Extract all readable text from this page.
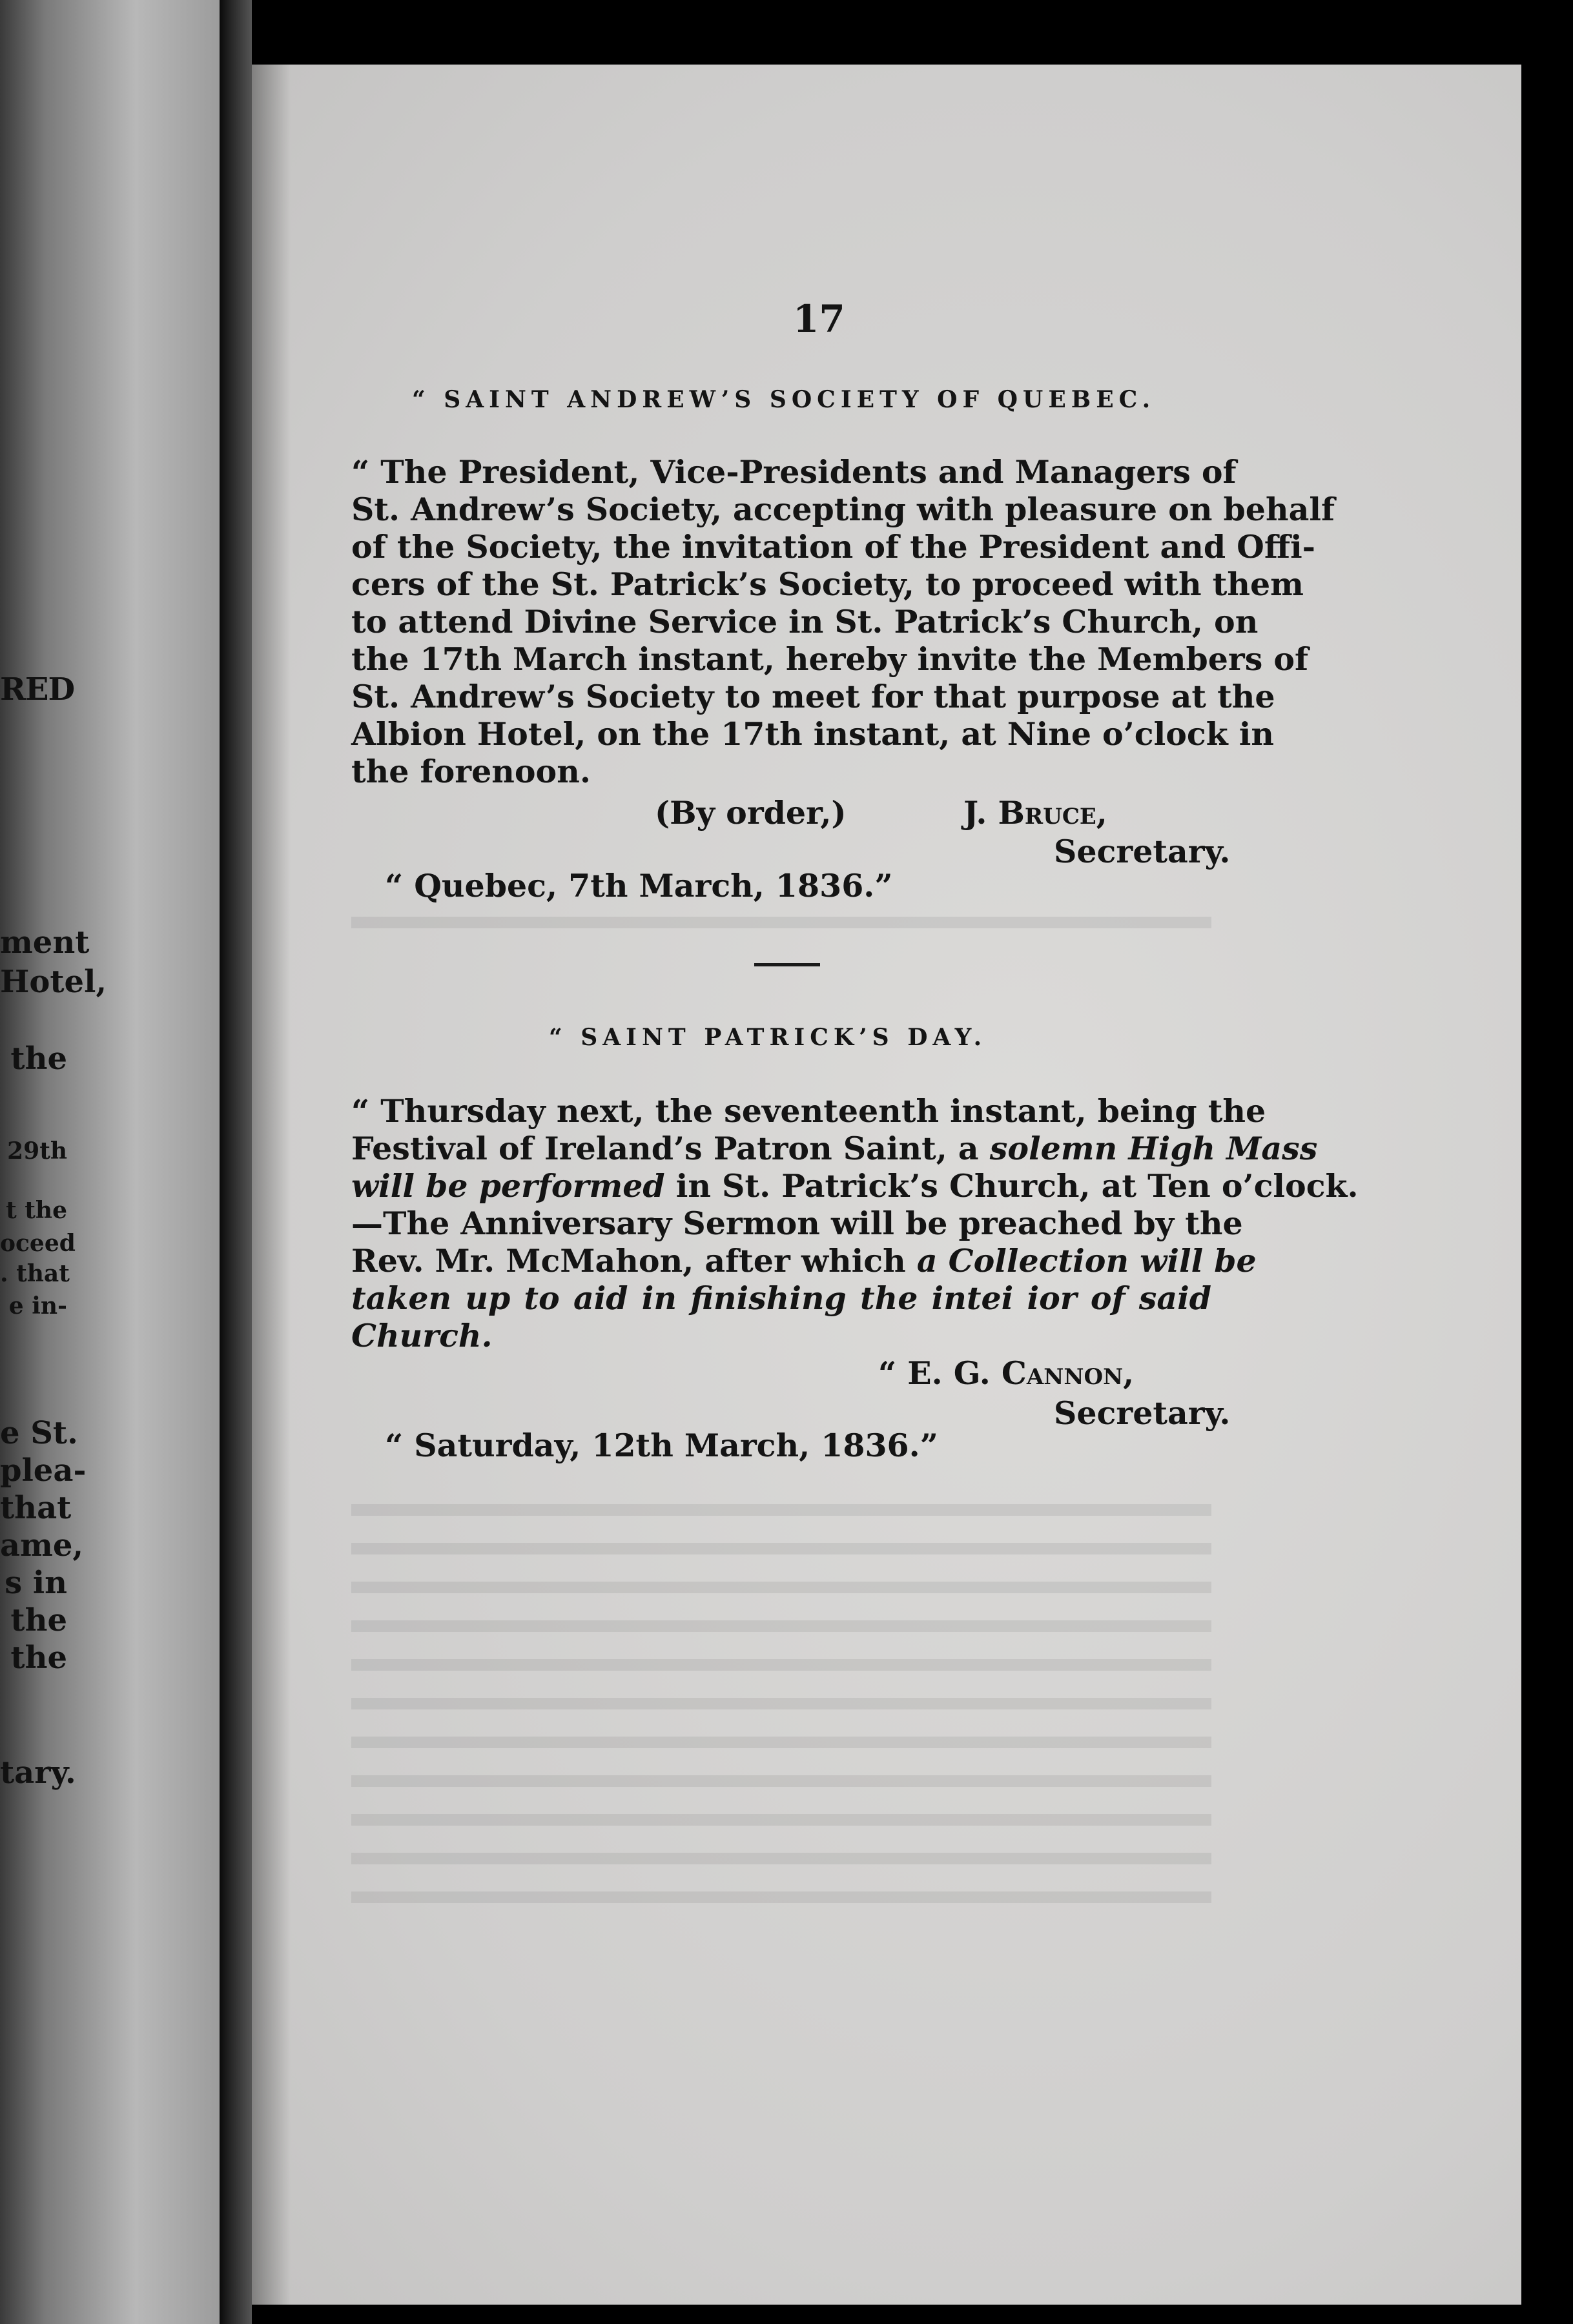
RED
ment
Hotel,
the
29th
t the
oceed
. that
e in-
e St.
plea-
that
ame,
s in
the
the
tary.
17
“ SAINT ANDREW’S SOCIETY OF QUEBEC.
“ The President, Vice-Presidents and Managers of
St. Andrew’s Society, accepting with pleasure on behalf
of the Society, the invitation of the President and Offi-
cers of the St. Patrick’s Society, to proceed with them
to attend Divine Service in St. Patrick’s Church, on
the 17th March instant, hereby invite the Members of
St. Andrew’s Society to meet for that purpose at the
Albion Hotel, on the 17th instant, at Nine o’clock in
the forenoon.
(By order,)	J. Bruce,
Secretary.
“ Quebec, 7th March, 1836.”
“ SAINT PATRICK’S DAY.
“ Thursday next, the seventeenth instant, being the
Festival of Ireland’s Patron Saint, a solemn High Mass
will be performed in St. Patrick’s Church, at Ten o’clock.
—The Anniversary Sermon will be preached by the
Rev. Mr. McMahon, after which a Collection will be
taken up to aid in finishing the intei ior of said
Church.
“ E. G. Cannon,
Secretary.
“ Saturday, 12th March, 1836.”
